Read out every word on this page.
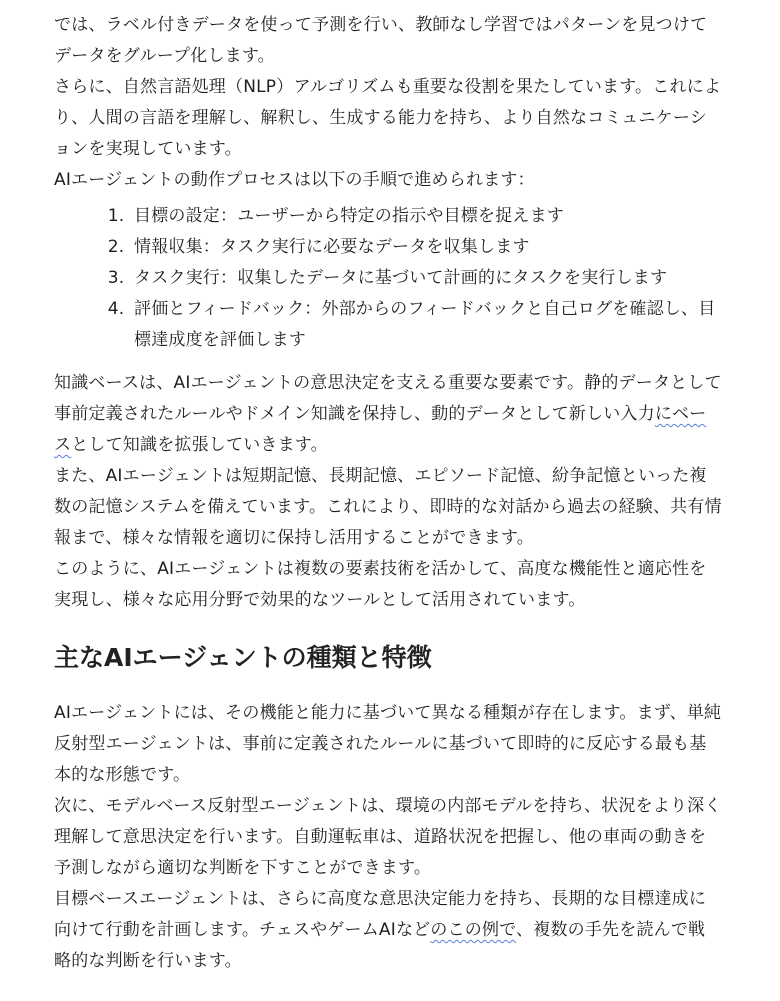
では、ラベル付きデータを使って予測を行い、教師なし学習ではパターンを見つけてデータをグループ化します。

さらに、自然言語処理（NLP）アルゴリズムも重要な役割を果たしています。これにより、人間の言語を理解し、解釈し、生成する能力を持ち、より自然なコミュニケーションを実現しています。

AIエージェントの動作プロセスは以下の手順で進められます：

1. 目標の設定：ユーザーから特定の指示や目標を捉えます
2. 情報収集：タスク実行に必要なデータを収集します
3. タスク実行：収集したデータに基づいて計画的にタスクを実行します
4. 評価とフィードバック：外部からのフィードバックと自己ログを確認し、目標達成度を評価します

知識ベースは、AIエージェントの意思決定を支える重要な要素です。静的データとして事前定義されたルールやドメイン知識を保持し、動的データとして新しい入力にベースとして知識を拡張していきます。

また、AIエージェントは短期記憶、長期記憶、エピソード記憶、紛争記憶といった複数の記憶システムを備えています。これにより、即時的な対話から過去の経験、共有情報まで、様々な情報を適切に保持し活用することができます。

このように、AIエージェントは複数の要素技術を活かして、高度な機能性と適応性を実現し、様々な応用分野で効果的なツールとして活用されています。

主なAIエージェントの種類と特徴

AIエージェントには、その機能と能力に基づいて異なる種類が存在します。まず、単純反射型エージェントは、事前に定義されたルールに基づいて即時的に反応する最も基本的な形態です。

次に、モデルベース反射型エージェントは、環境の内部モデルを持ち、状況をより深く理解して意思決定を行います。自動運転車は、道路状況を把握し、他の車両の動きを予測しながら適切な判断を下すことができます。

目標ベースエージェントは、さらに高度な意思決定能力を持ち、長期的な目標達成に向けて行動を計画します。チェスやゲームAIなどのこの例で、複数の手先を読んで戦略的な判断を行います。
